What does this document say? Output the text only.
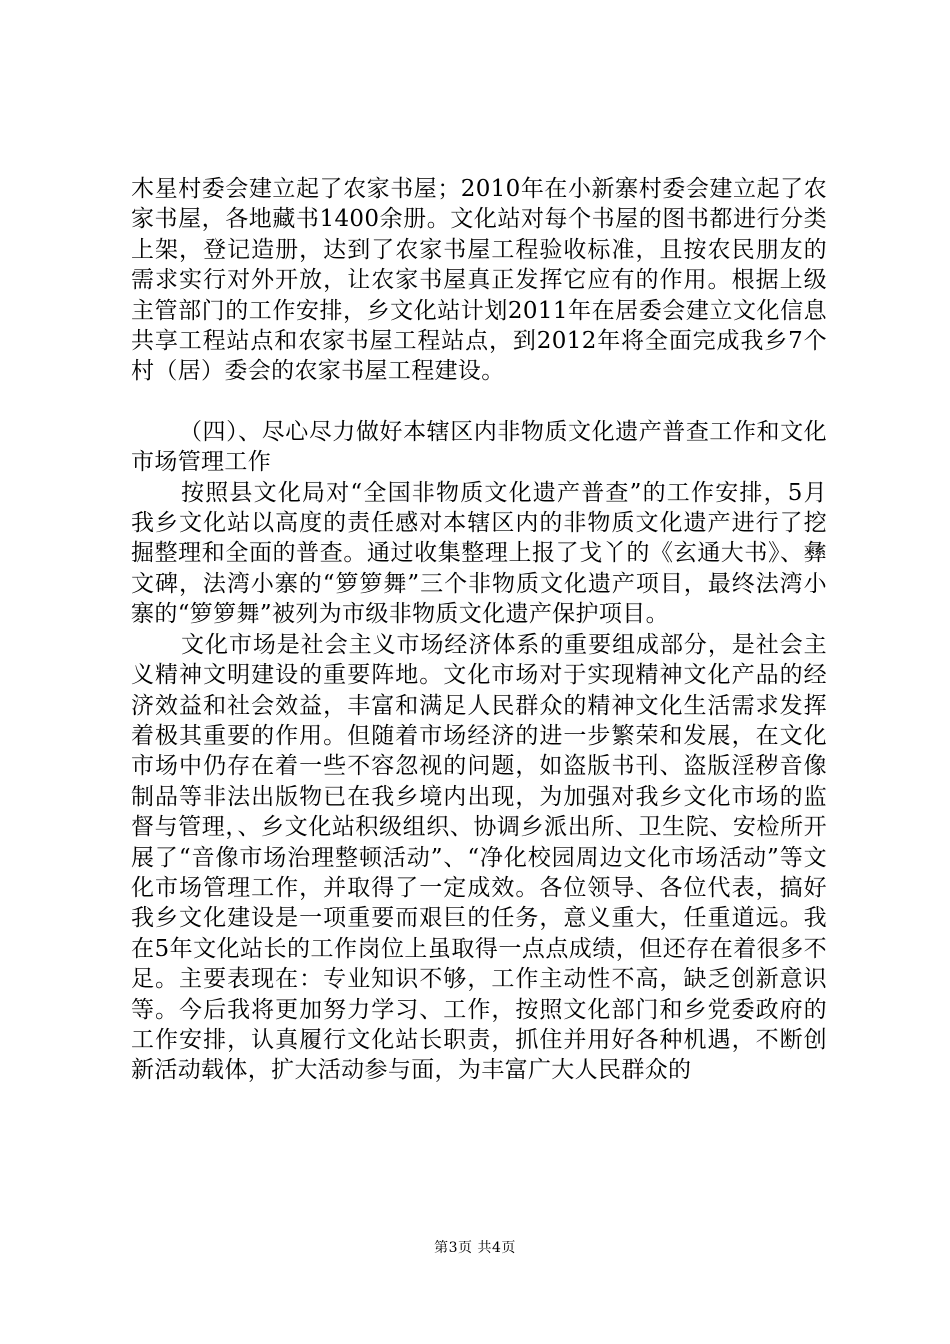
木星村委会建立起了农家书屋；2010年在小新寨村委会建立起了农家书屋，各地藏书1400余册。文化站对每个书屋的图书都进行分类上架，登记造册，达到了农家书屋工程验收标准，且按农民朋友的需求实行对外开放，让农家书屋真正发挥它应有的作用。根据上级主管部门的工作安排，乡文化站计划2011年在居委会建立文化信息共享工程站点和农家书屋工程站点，到2012年将全面完成我乡7个村（居）委会的农家书屋工程建设。

（四）、尽心尽力做好本辖区内非物质文化遗产普查工作和文化市场管理工作

按照县文化局对“全国非物质文化遗产普查”的工作安排，5月我乡文化站以高度的责任感对本辖区内的非物质文化遗产进行了挖掘整理和全面的普查。通过收集整理上报了戈丫的《玄通大书》、彝文碑，法湾小寨的“箩箩舞”三个非物质文化遗产项目，最终法湾小寨的“箩箩舞”被列为市级非物质文化遗产保护项目。

文化市场是社会主义市场经济体系的重要组成部分，是社会主义精神文明建设的重要阵地。文化市场对于实现精神文化产品的经济效益和社会效益，丰富和满足人民群众的精神文化生活需求发挥着极其重要的作用。但随着市场经济的进一步繁荣和发展，在文化市场中仍存在着一些不容忽视的问题，如盗版书刊、盗版淫秽音像制品等非法出版物已在我乡境内出现，为加强对我乡文化市场的监督与管理，、乡文化站积级组织、协调乡派出所、卫生院、安检所开展了“音像市场治理整顿活动”、“净化校园周边文化市场活动”等文化市场管理工作，并取得了一定成效。各位领导、各位代表，搞好我乡文化建设是一项重要而艰巨的任务，意义重大，任重道远。我在5年文化站长的工作岗位上虽取得一点点成绩，但还存在着很多不足。主要表现在：专业知识不够，工作主动性不高，缺乏创新意识等。今后我将更加努力学习、工作，按照文化部门和乡党委政府的工作安排，认真履行文化站长职责，抓住并用好各种机遇，不断创新活动载体，扩大活动参与面，为丰富广大人民群众的

第3页 共4页
